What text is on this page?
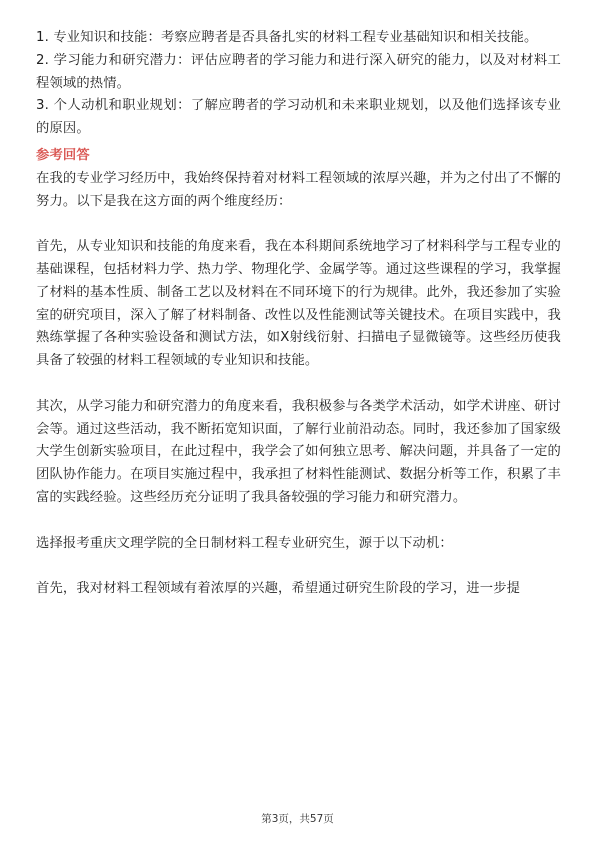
1. 专业知识和技能：考察应聘者是否具备扎实的材料工程专业基础知识和相关技能。

2. 学习能力和研究潜力：评估应聘者的学习能力和进行深入研究的能力，以及对材料工程领域的热情。

3. 个人动机和职业规划：了解应聘者的学习动机和未来职业规划，以及他们选择该专业的原因。

参考回答

在我的专业学习经历中，我始终保持着对材料工程领域的浓厚兴趣，并为之付出了不懈的努力。以下是我在这方面的两个维度经历：

首先，从专业知识和技能的角度来看，我在本科期间系统地学习了材料科学与工程专业的基础课程，包括材料力学、热力学、物理化学、金属学等。通过这些课程的学习，我掌握了材料的基本性质、制备工艺以及材料在不同环境下的行为规律。此外，我还参加了实验室的研究项目，深入了解了材料制备、改性以及性能测试等关键技术。在项目实践中，我熟练掌握了各种实验设备和测试方法，如X射线衍射、扫描电子显微镜等。这些经历使我具备了较强的材料工程领域的专业知识和技能。

其次，从学习能力和研究潜力的角度来看，我积极参与各类学术活动，如学术讲座、研讨会等。通过这些活动，我不断拓宽知识面，了解行业前沿动态。同时，我还参加了国家级大学生创新实验项目，在此过程中，我学会了如何独立思考、解决问题，并具备了一定的团队协作能力。在项目实施过程中，我承担了材料性能测试、数据分析等工作，积累了丰富的实践经验。这些经历充分证明了我具备较强的学习能力和研究潜力。

选择报考重庆文理学院的全日制材料工程专业研究生，源于以下动机：

首先，我对材料工程领域有着浓厚的兴趣，希望通过研究生阶段的学习，进一步提

第3页，共57页
